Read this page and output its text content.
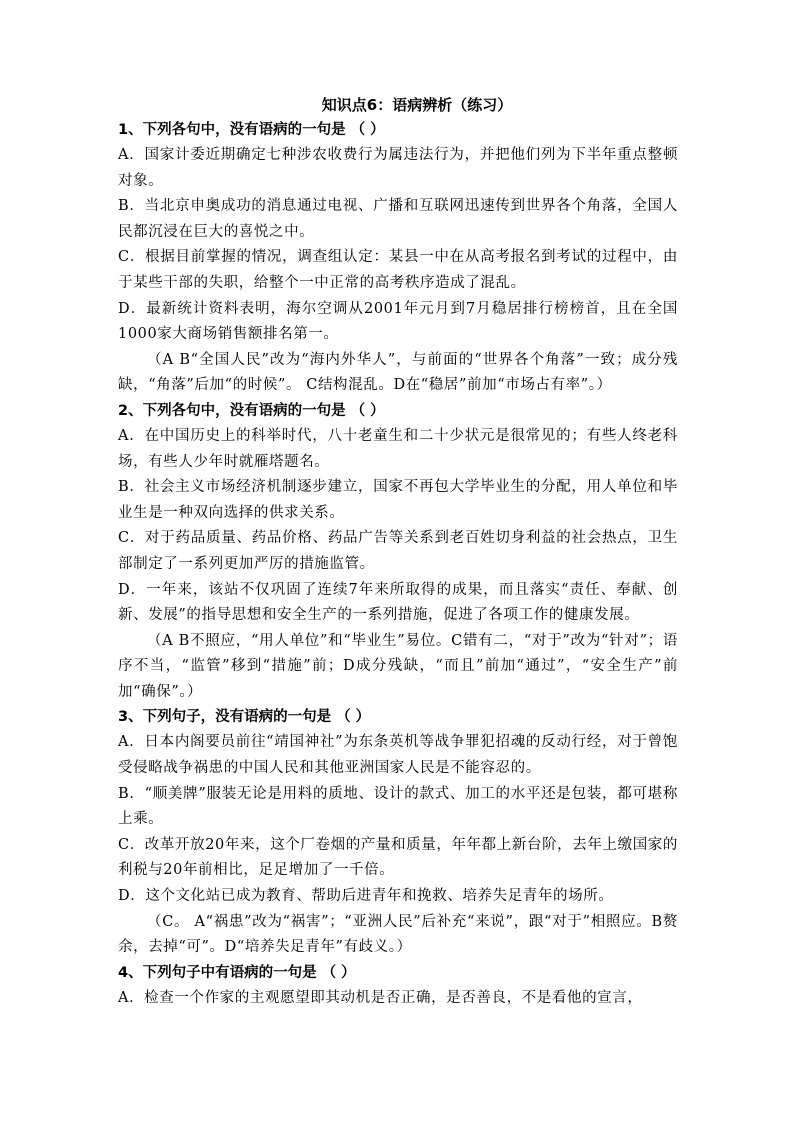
知识点6：语病辨析（练习）

1、下列各句中，没有语病的一句是 （ ）

A．国家计委近期确定七种涉农收费行为属违法行为，并把他们列为下半年重点整顿对象。

B．当北京申奥成功的消息通过电视、广播和互联网迅速传到世界各个角落，全国人民都沉浸在巨大的喜悦之中。

C．根据目前掌握的情况，调查组认定：某县一中在从高考报名到考试的过程中，由于某些干部的失职，给整个一中正常的高考秩序造成了混乱。

D．最新统计资料表明，海尔空调从2001年元月到7月稳居排行榜榜首，且在全国1000家大商场销售额排名第一。

（A B“全国人民”改为“海内外华人”，与前面的“世界各个角落”一致；成分残缺，“角落”后加“的时候”。 C结构混乱。D在“稳居”前加“市场占有率”。）

2、下列各句中，没有语病的一句是 （ ）

A．在中国历史上的科举时代，八十老童生和二十少状元是很常见的；有些人终老科场，有些人少年时就雁塔题名。

B．社会主义市场经济机制逐步建立，国家不再包大学毕业生的分配，用人单位和毕业生是一种双向选择的供求关系。

C．对于药品质量、药品价格、药品广告等关系到老百姓切身利益的社会热点，卫生部制定了一系列更加严厉的措施监管。

D．一年来，该站不仅巩固了连续7年来所取得的成果，而且落实“责任、奉献、创新、发展”的指导思想和安全生产的一系列措施，促进了各项工作的健康发展。

（A B不照应，“用人单位”和“毕业生”易位。C错有二，“对于”改为“针对”；语序不当，“监管”移到“措施”前；D成分残缺，“而且”前加“通过”，“安全生产”前加“确保”。）

3、下列句子，没有语病的一句是 （ ）

A．日本内阁要员前往“靖国神社”为东条英机等战争罪犯招魂的反动行经，对于曾饱受侵略战争祸患的中国人民和其他亚洲国家人民是不能容忍的。

B．“顺美牌”服装无论是用料的质地、设计的款式、加工的水平还是包装，都可堪称上乘。

C．改革开放20年来，这个厂卷烟的产量和质量，年年都上新台阶，去年上缴国家的利税与20年前相比，足足增加了一千倍。

D．这个文化站已成为教育、帮助后进青年和挽救、培养失足青年的场所。

（C。 A“祸患”改为“祸害”；“亚洲人民”后补充“来说”，跟“对于”相照应。B赘余，去掉“可”。D“培养失足青年”有歧义。）

4、下列句子中有语病的一句是 （ ）

A．检查一个作家的主观愿望即其动机是否正确，是否善良，不是看他的宣言，
